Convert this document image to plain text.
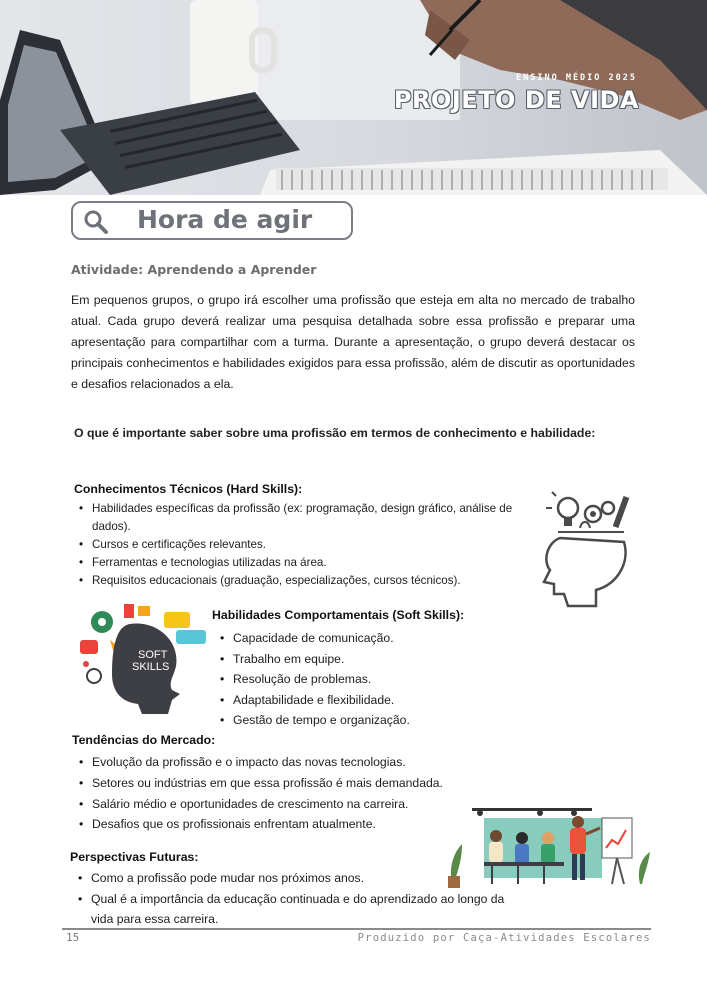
ENSINO MÉDIO 2025
PROJETO DE VIDA
Hora de agir
Atividade: Aprendendo a Aprender

Em pequenos grupos, o grupo irá escolher uma profissão que esteja em alta no mercado de trabalho atual. Cada grupo deverá realizar uma pesquisa detalhada sobre essa profissão e preparar uma apresentação para compartilhar com a turma. Durante a apresentação, o grupo deverá destacar os principais conhecimentos e habilidades exigidos para essa profissão, além de discutir as oportunidades e desafios relacionados a ela.

O que é importante saber sobre uma profissão em termos de conhecimento e habilidade:

Conhecimentos Técnicos (Hard Skills):
• Habilidades específicas da profissão (ex: programação, design gráfico, análise de dados).
• Cursos e certificações relevantes.
• Ferramentas e tecnologias utilizadas na área.
• Requisitos educacionais (graduação, especializações, cursos técnicos).
SOFT
SKILLS
Habilidades Comportamentais (Soft Skills):
• Capacidade de comunicação.
• Trabalho em equipe.
• Resolução de problemas.
• Adaptabilidade e flexibilidade.
• Gestão de tempo e organização.
Tendências do Mercado:
• Evolução da profissão e o impacto das novas tecnologias.
• Setores ou indústrias em que essa profissão é mais demandada.
• Salário médio e oportunidades de crescimento na carreira.
• Desafios que os profissionais enfrentam atualmente.
Perspectivas Futuras:
• Como a profissão pode mudar nos próximos anos.
• Qual é a importância da educação continuada e do aprendizado ao longo da vida para essa carreira.
15	Produzido por Caça-Atividades Escolares
